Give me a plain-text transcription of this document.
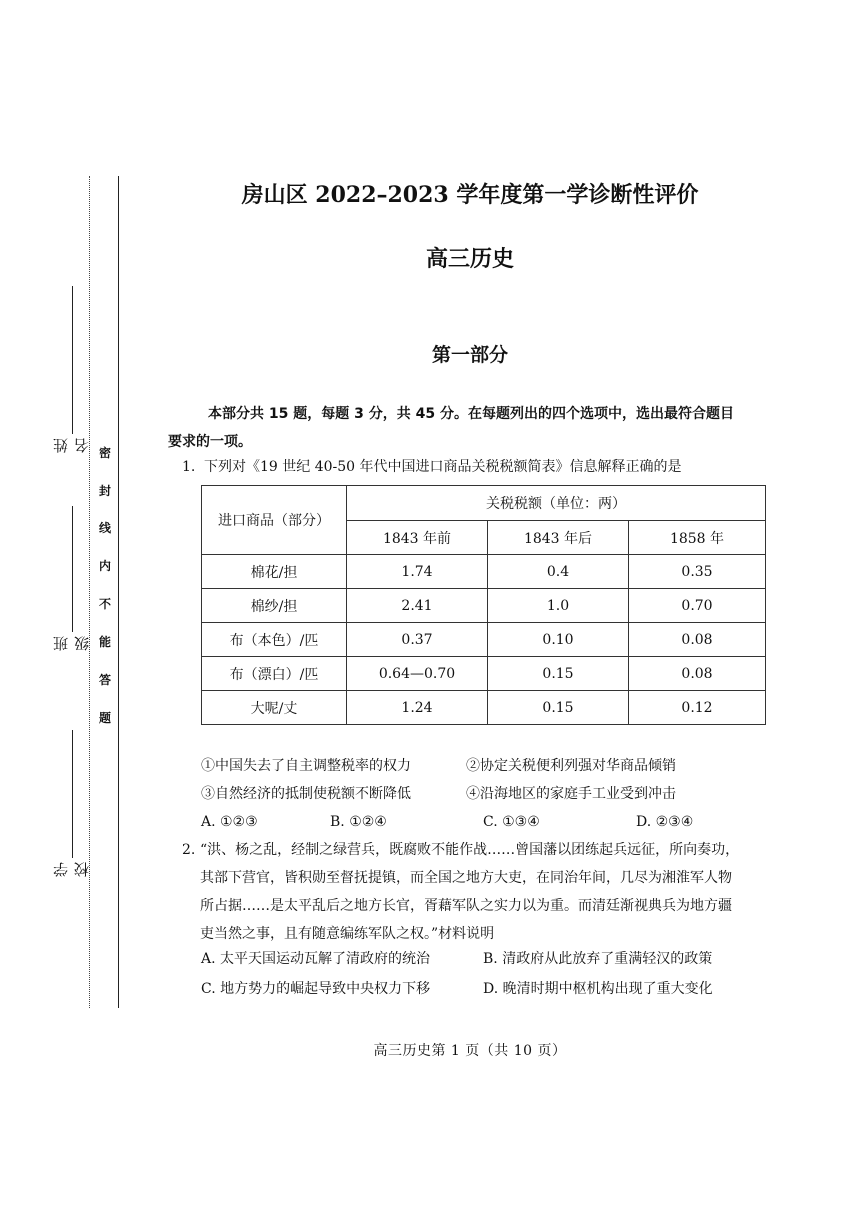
密
封
线
内
不
能
答
题
姓名
班级
学校
房山区 2022–2023 学年度第一学诊断性评价
高三历史
第一部分
本部分共 15 题，每题 3 分，共 45 分。在每题列出的四个选项中，选出最符合题目
要求的一项。
1. 下列对《19 世纪 40-50 年代中国进口商品关税税额简表》信息解释正确的是
进口商品（部分）	关税税额（单位：两）		
	1843 年前	1843 年后	1858 年
棉花/担	1.74	0.4	0.35
棉纱/担	2.41	1.0	0.70
布（本色）/匹	0.37	0.10	0.08
布（漂白）/匹	0.64—0.70	0.15	0.08
大呢/丈	1.24	0.15	0.12
①中国失去了自主调整税率的权力	②协定关税便利列强对华商品倾销
③自然经济的抵制使税额不断降低	④沿海地区的家庭手工业受到冲击
A. ①②③	B. ①②④	C. ①③④	D. ②③④
2. “洪、杨之乱，经制之绿营兵，既腐败不能作战……曾国藩以团练起兵远征，所向奏功，
其部下营官，皆积勋至督抚提镇，而全国之地方大吏，在同治年间，几尽为湘淮军人物
所占据……是太平乱后之地方长官，胥藉军队之实力以为重。而清廷渐视典兵为地方疆
吏当然之事，且有随意编练军队之权。”材料说明
A. 太平天国运动瓦解了清政府的统治	B. 清政府从此放弃了重满轻汉的政策
C. 地方势力的崛起导致中央权力下移	D. 晚清时期中枢机构出现了重大变化
高三历史第 1 页（共 10 页）
